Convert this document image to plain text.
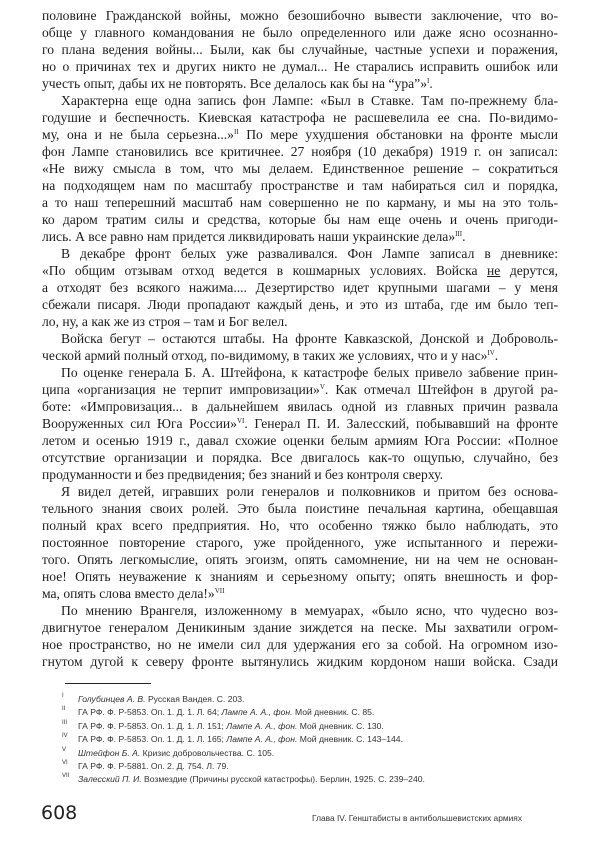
половине Гражданской войны, можно безошибочно вывести заключение, что во-
обще у главного командования не было определенного или даже ясно осознанно-
го плана ведения войны... Были, как бы случайные, частные успехи и поражения,
но о причинах тех и других никто не думал... Не старались исправить ошибок или
учесть опыт, дабы их не повторять. Все делалось как бы на “ура”»$^I$.
Характерна еще одна запись фон Лампе: «Был в Ставке. Там по-прежнему бла-
годушие и беспечность. Киевская катастрофа не расшевелила ее сна. По-видимо-
му, она и не была серьезна...»$^{II}$ По мере ухудшения обстановки на фронте мысли
фон Лампе становились все критичнее. 27 ноября (10 декабря) 1919 г. он записал:
«Не вижу смысла в том, что мы делаем. Единственное решение – сократиться
на подходящем нам по масштабу пространстве и там набираться сил и порядка,
а то наш теперешний масштаб нам совершенно не по карману, и мы на это толь-
ко даром тратим силы и средства, которые бы нам еще очень и очень пригоди-
лись. А все равно нам придется ликвидировать наши украинские дела»$^{III}$.
В декабре фронт белых уже разваливался. Фон Лампе записал в дневнике:
«По общим отзывам отход ведется в кошмарных условиях. Войска не дерутся,
а отходят без всякого нажима.... Дезертирство идет крупными шагами – у меня
сбежали писаря. Люди пропадают каждый день, и это из штаба, где им было теп-
ло, ну, а как же из строя – там и Бог велел.
Войска бегут – остаются штабы. На фронте Кавказской, Донской и Доброволь-
ческой армий полный отход, по-видимому, в таких же условиях, что и у нас»$^{IV}$.
По оценке генерала Б. А. Штейфона, к катастрофе белых привело забвение прин-
ципа «организация не терпит импровизации»$^V$. Как отмечал Штейфон в другой ра-
боте: «Импровизация... в дальнейшем явилась одной из главных причин развала
Вооруженных сил Юга России»$^{VI}$. Генерал П. И. Залесский, побывавший на фронте
летом и осенью 1919 г., давал схожие оценки белым армиям Юга России: «Полное
отсутствие организации и порядка. Все двигалось как-то ощупью, случайно, без
продуманности и без предвидения; без знаний и без контроля сверху.
Я видел детей, игравших роли генералов и полковников и притом без основа-
тельного знания своих ролей. Это была поистине печальная картина, обещавшая
полный крах всего предприятия. Но, что особенно тяжко было наблюдать, это
постоянное повторение старого, уже пройденного, уже испытанного и пережи-
того. Опять легкомыслие, опять эгоизм, опять самомнение, ни на чем не основан-
ное! Опять неуважение к знаниям и серьезному опыту; опять внешность и фор-
ма, опять слова вместо дела!»$^{VII}$
По мнению Врангеля, изложенному в мемуарах, «было ясно, что чудесно воз-
двигнутое генералом Деникиным здание зиждется на песке. Мы захватили огром-
ное пространство, но не имели сил для удержания его за собой. На огромном изо-
гнутом дугой к северу фронте вытянулись жидким кордоном наши войска. Сзади
I Голубинцев А. В. Русская Вандея. С. 203.
II ГА РФ. Ф. Р-5853. Оп. 1. Д. 1. Л. 64; Лампе А. А., фон. Мой дневник. С. 85.
III ГА РФ. Ф. Р-5853. Оп. 1. Д. 1. Л. 151; Лампе А. А., фон. Мой дневник. С. 130.
IV ГА РФ. Ф. Р-5853. Оп. 1. Д. 1. Л. 165; Лампе А. А., фон. Мой дневник. С. 143–144.
V Штейфон Б. А. Кризис добровольчества. С. 105.
VI ГА РФ. Ф. Р-5881. Оп. 2. Д. 754. Л. 79.
VII Залесский П. И. Возмездие (Причины русской катастрофы). Берлин, 1925. С. 239–240.
608	Глава IV. Генштабисты в антибольшевистских армиях
